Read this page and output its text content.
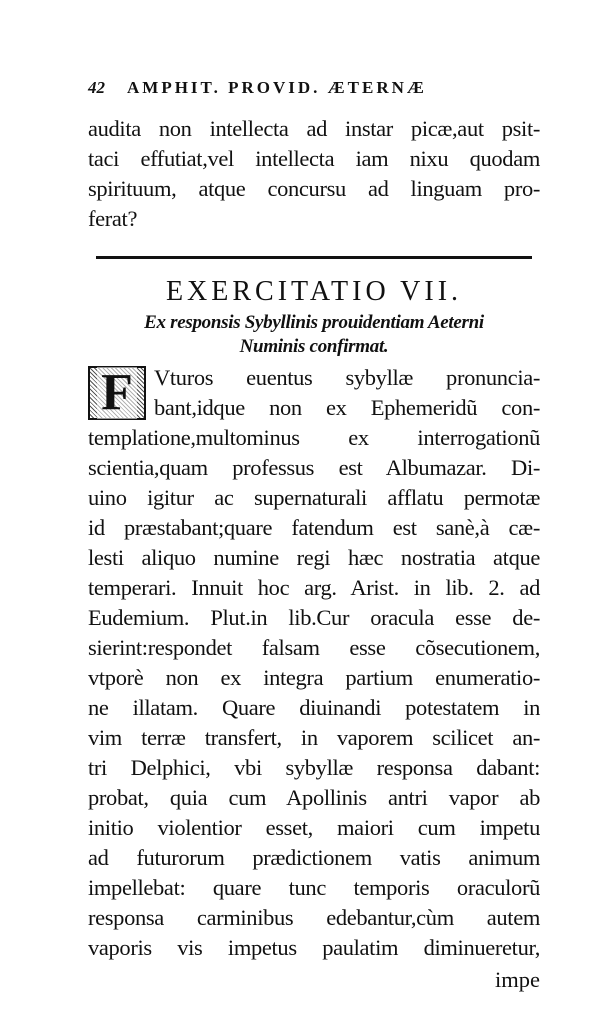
42 AMPHIT. PROVID. ÆTERNÆ
audita non intellecta ad instar picæ,aut psit-
taci effutiat,vel intellecta iam nixu quodam
spirituum, atque concursu ad linguam pro-
ferat?
EXERCITATIO VII.
Ex responsis Sybyllinis prouidentiam Aeterni
Numinis confirmat.
F Vturos euentus sybyllæ pronuncia-
bant,idque non ex Ephemeridũ con-
templatione,multominus ex interrogationũ
scientia,quam professus est Albumazar. Di-
uino igitur ac supernaturali afflatu permotæ
id præstabant;quare fatendum est sanè,à cæ-
lesti aliquo numine regi hæc nostratia atque
temperari. Innuit hoc arg. Arist. in lib. 2. ad
Eudemium. Plut.in lib.Cur oracula esse de-
sierint:respondet falsam esse cõsecutionem,
vtporè non ex integra partium enumeratio-
ne illatam. Quare diuinandi potestatem in
vim terræ transfert, in vaporem scilicet an-
tri Delphici, vbi sybyllæ responsa dabant:
probat, quia cum Apollinis antri vapor ab
initio violentior esset, maiori cum impetu
ad futurorum prædictionem vatis animum
impellebat: quare tunc temporis oraculorũ
responsa carminibus edebantur,cùm autem
vaporis vis impetus paulatim diminueretur,
impe
